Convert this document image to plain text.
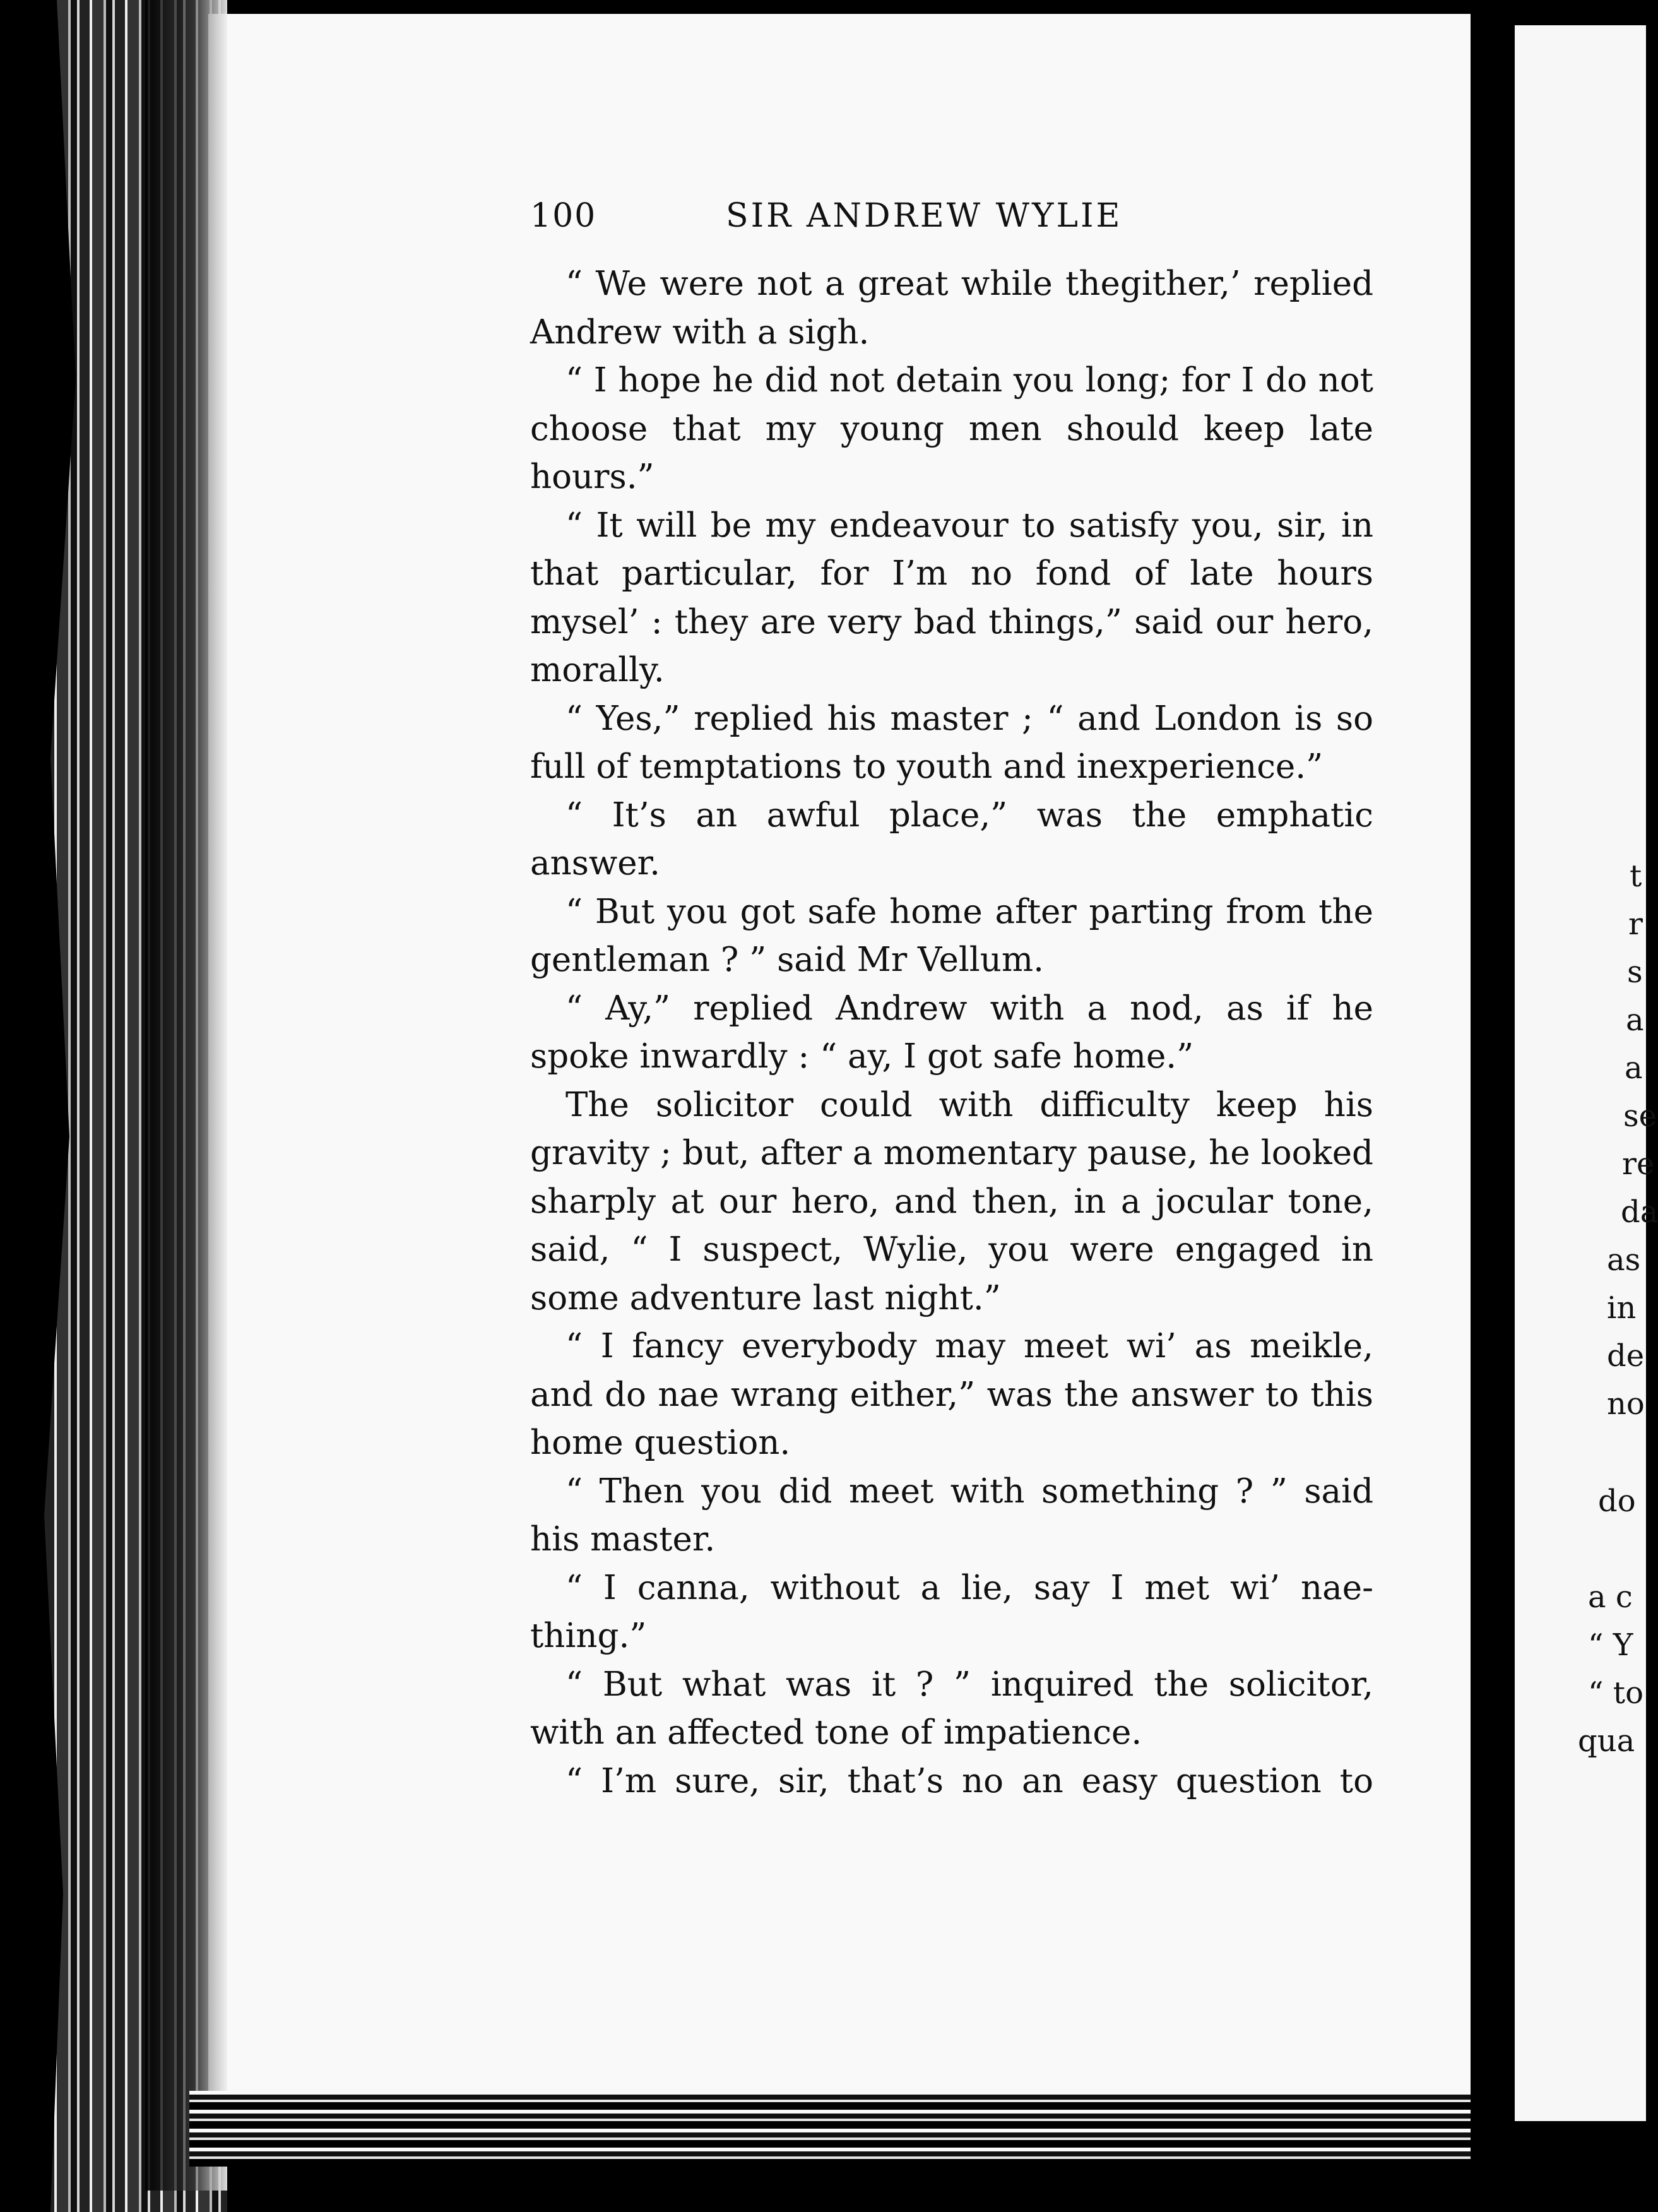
t
r
s
a
a
se
re
da
as
in
de
no
do
a c
“ Y
“ to
qua
100	SIR ANDREW WYLIE

“ We were not a great while thegither,’ replied Andrew with a sigh.

“ I hope he did not detain you long; for I do not choose that my young men should keep late hours.”

“ It will be my endeavour to satisfy you, sir, in that particular, for I’m no fond of late hours mysel’ : they are very bad things,” said our hero, morally.

“ Yes,” replied his master ; “ and London is so full of temptations to youth and inexperience.”

“ It’s an awful place,” was the emphatic answer.

“ But you got safe home after parting from the gentleman ? ” said Mr Vellum.

“ Ay,” replied Andrew with a nod, as if he spoke inwardly : “ ay, I got safe home.”

The solicitor could with difficulty keep his gravity ; but, after a momentary pause, he looked sharply at our hero, and then, in a jocular tone, said, “ I suspect, Wylie, you were engaged in some adventure last night.”

“ I fancy everybody may meet wi’ as meikle, and do nae wrang either,” was the answer to this home question.

“ Then you did meet with something ? ” said his master.

“ I canna, without a lie, say I met wi’ nae-thing.”

“ But what was it ? ” inquired the solicitor, with an affected tone of impatience.

“ I’m sure, sir, that’s no an easy question to
